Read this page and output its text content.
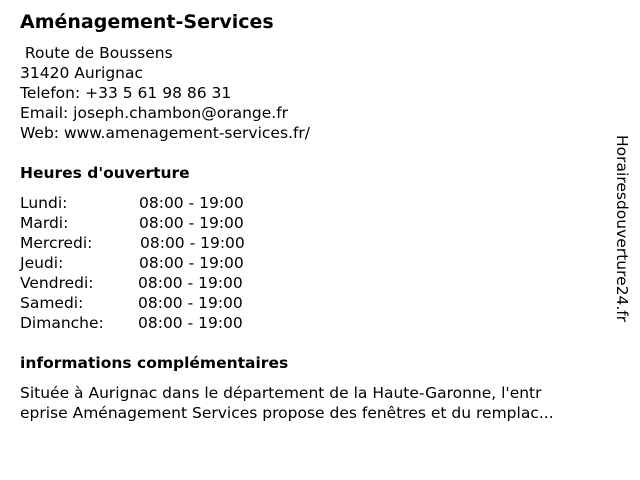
Aménagement-Services
Route de Boussens
31420 Aurignac
Telefon: +33 5 61 98 86 31
Email: joseph.chambon@orange.fr
Web: www.amenagement-services.fr/
Heures d'ouverture
Lundi:	08:00 - 19:00
Mardi:	08:00 - 19:00
Mercredi:	08:00 - 19:00
Jeudi:	08:00 - 19:00
Vendredi:	08:00 - 19:00
Samedi:	08:00 - 19:00
Dimanche: 08:00 - 19:00
informations complémentaires
Située à Aurignac dans le département de la Haute-Garonne, l'entr
eprise Aménagement Services propose des fenêtres et du remplac...
Horairesdouverture24.fr
